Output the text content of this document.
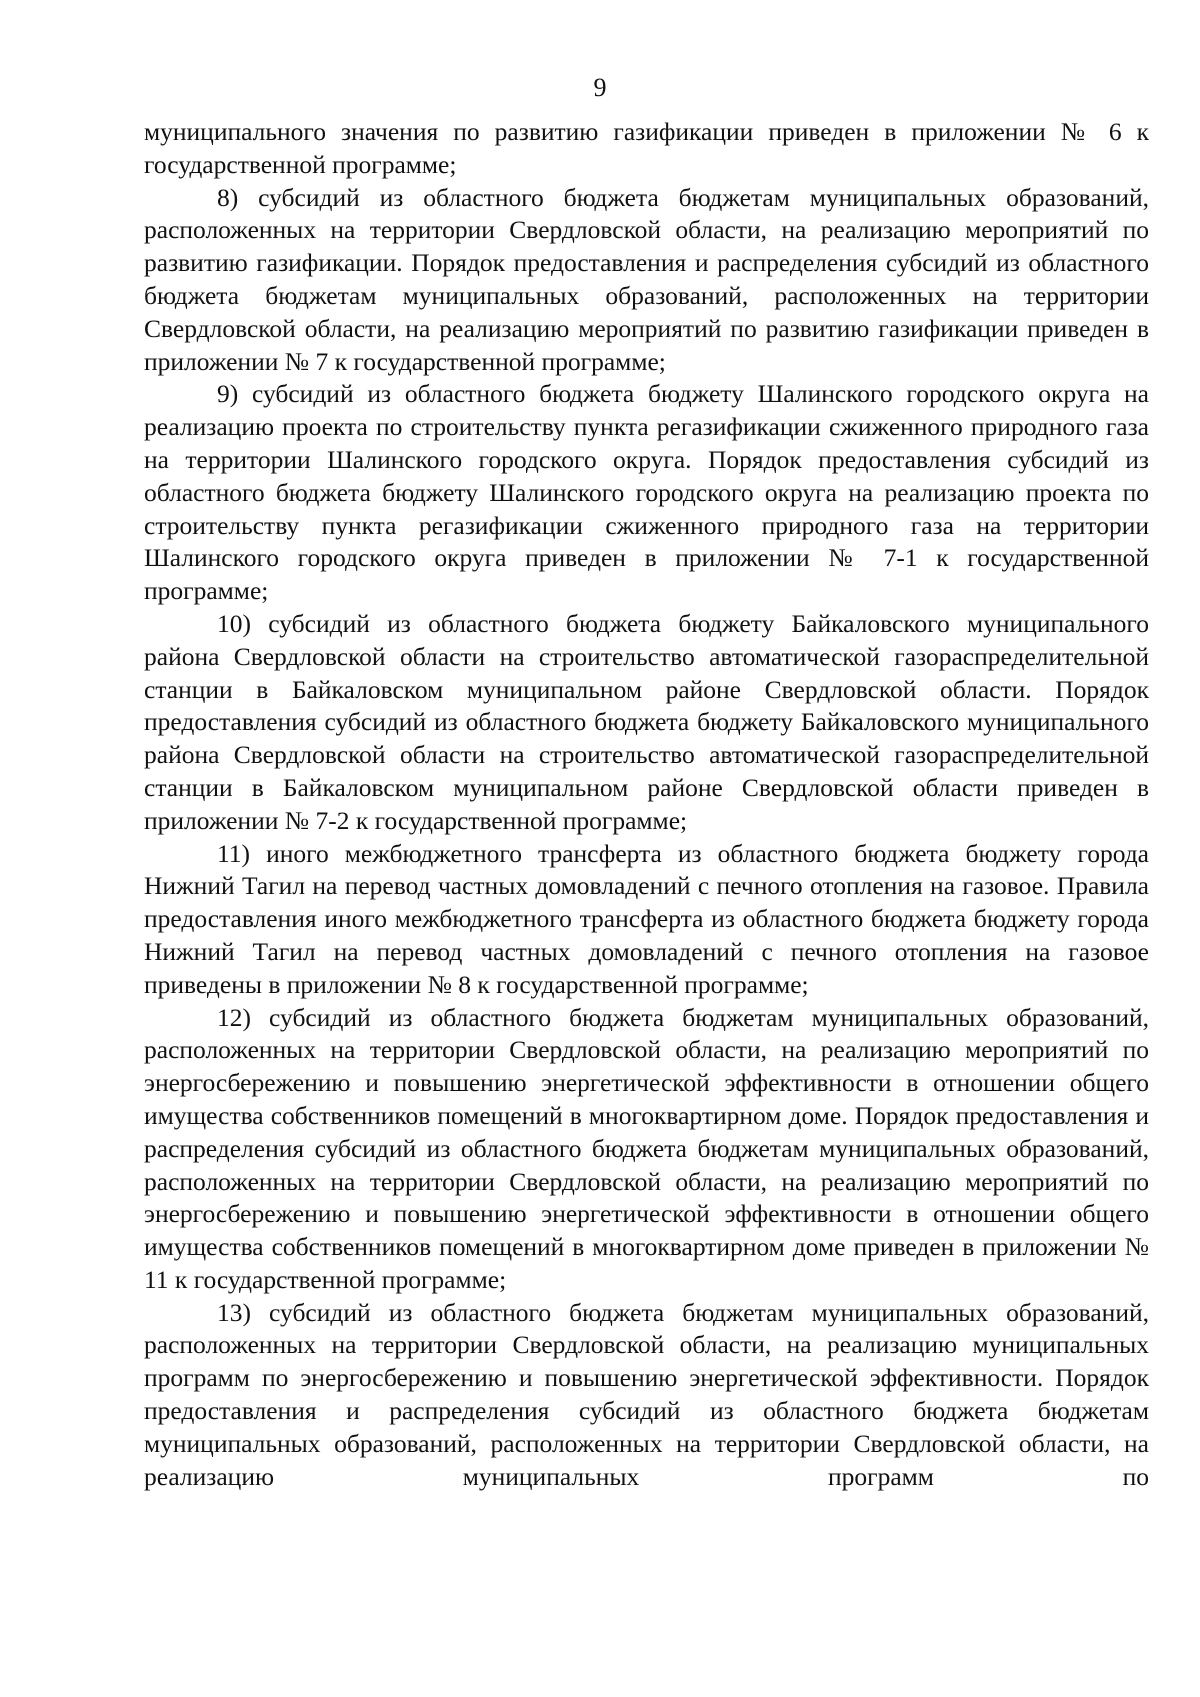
9

муниципального значения по развитию газификации приведен в приложении № 6 к государственной программе;

8) субсидий из областного бюджета бюджетам муниципальных образований, расположенных на территории Свердловской области, на реализацию мероприятий по развитию газификации. Порядок предоставления и распределения субсидий из областного бюджета бюджетам муниципальных образований, расположенных на территории Свердловской области, на реализацию мероприятий по развитию газификации приведен в приложении № 7 к государственной программе;

9) субсидий из областного бюджета бюджету Шалинского городского округа на реализацию проекта по строительству пункта регазификации сжиженного природного газа на территории Шалинского городского округа. Порядок предоставления субсидий из областного бюджета бюджету Шалинского городского округа на реализацию проекта по строительству пункта регазификации сжиженного природного газа на территории Шалинского городского округа приведен в приложении № 7-1 к государственной программе;

10) субсидий из областного бюджета бюджету Байкаловского муниципального района Свердловской области на строительство автоматической газораспределительной станции в Байкаловском муниципальном районе Свердловской области. Порядок предоставления субсидий из областного бюджета бюджету Байкаловского муниципального района Свердловской области на строительство автоматической газораспределительной станции в Байкаловском муниципальном районе Свердловской области приведен в приложении № 7-2 к государственной программе;

11) иного межбюджетного трансферта из областного бюджета бюджету города Нижний Тагил на перевод частных домовладений с печного отопления на газовое. Правила предоставления иного межбюджетного трансферта из областного бюджета бюджету города Нижний Тагил на перевод частных домовладений с печного отопления на газовое приведены в приложении № 8 к государственной программе;

12) субсидий из областного бюджета бюджетам муниципальных образований, расположенных на территории Свердловской области, на реализацию мероприятий по энергосбережению и повышению энергетической эффективности в отношении общего имущества собственников помещений в многоквартирном доме. Порядок предоставления и распределения субсидий из областного бюджета бюджетам муниципальных образований, расположенных на территории Свердловской области, на реализацию мероприятий по энергосбережению и повышению энергетической эффективности в отношении общего имущества собственников помещений в многоквартирном доме приведен в приложении № 11 к государственной программе;

13) субсидий из областного бюджета бюджетам муниципальных образований, расположенных на территории Свердловской области, на реализацию муниципальных программ по энергосбережению и повышению энергетической эффективности. Порядок предоставления и распределения субсидий из областного бюджета бюджетам муниципальных образований, расположенных на территории Свердловской области, на реализацию муниципальных программ по
